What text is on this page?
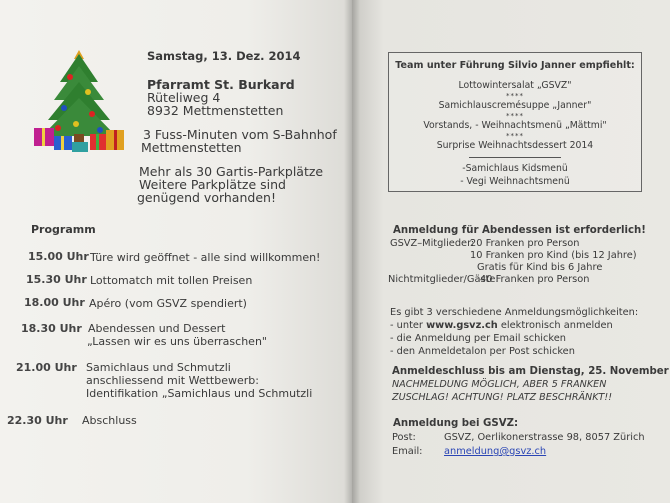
Samstag, 13. Dez. 2014
Pfarramt St. Burkard
Rüteliweg 4
8932 Mettmenstetten
3 Fuss-Minuten vom S-Bahnhof
Mettmenstetten
Mehr als 30 Gartis-Parkplätze
Weitere Parkplätze sind
genügend vorhanden!
Programm
15.00 Uhr Türe wird geöffnet - alle sind willkommen!
15.30 Uhr Lottomatch mit tollen Preisen
18.00 Uhr Apéro (vom GSVZ spendiert)
18.30 Uhr Abendessen und Dessert
„Lassen wir es uns überraschen"
21.00 Uhr Samichlaus und Schmutzli
anschliessend mit Wettbewerb:
Identifikation „Samichlaus und Schmutzli
22.30 Uhr Abschluss
Team unter Führung Silvio Janner empfiehlt:
Lottowintersalat „GSVZ"
****
Samichlauscremésuppe „Janner"
****
Vorstands, - Weihnachtsmenü „Mättmi"
****
Surprise Weihnachtsdessert 2014
-Samichlaus Kidsmenü
- Vegi Weihnachtsmenü
Anmeldung für Abendessen ist erforderlich!
GSVZ–Mitglieder:
20 Franken pro Person
10 Franken pro Kind (bis 12 Jahre)
Gratis für Kind bis 6 Jahre
Nichtmitglieder/Gäste:
40 Franken pro Person
Es gibt 3 verschiedene Anmeldungsmöglichkeiten:
- unter www.gsvz.ch elektronisch anmelden
- die Anmeldung per Email schicken
- den Anmeldetalon per Post schicken
Anmeldeschluss bis am Dienstag, 25. November
NACHMELDUNG MÖGLICH, ABER 5 FRANKEN
ZUSCHLAG! ACHTUNG! PLATZ BESCHRÄNKT!!
Anmeldung bei GSVZ:
Post:	GSVZ, Oerlikonerstrasse 98, 8057 Zürich
Email: anmeldung@gsvz.ch
